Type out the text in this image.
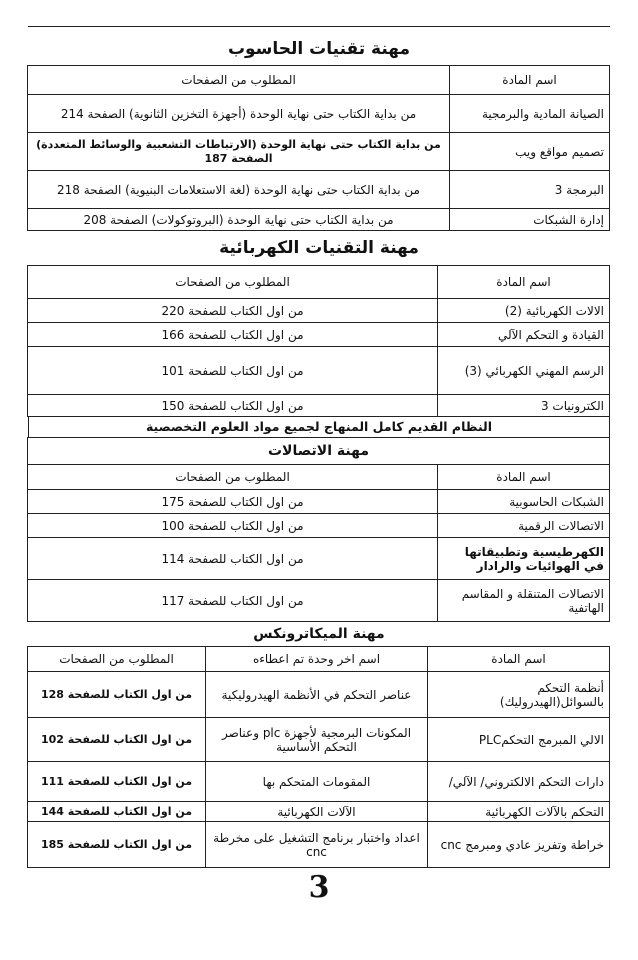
مهنة تقنيات الحاسوب
اسم المادة	المطلوب من الصفحات
الصيانة المادية والبرمجية	من بداية الكتاب حتى نهاية الوحدة (أجهزة التخزين الثانوية) الصفحة 214
تصميم مواقع ويب	من بداية الكتاب حتى نهاية الوحدة (الارتباطات التشعبية والوسائط المتعددة) الصفحة 187
البرمجة 3	من بداية الكتاب حتى نهاية الوحدة (لغة الاستعلامات البنيوية) الصفحة 218
إدارة الشبكات	من بداية الكتاب حتى نهاية الوحدة (البروتوكولات) الصفحة 208
مهنة التقنيات الكهربائية
اسم المادة	المطلوب من الصفحات
الالات الكهربائية (2)	من اول الكتاب للصفحة 220
القيادة و التحكم الآلي	من اول الكتاب للصفحة 166
الرسم المهني الكهربائي (3)	من اول الكتاب للصفحة 101
الكترونيات 3	من اول الكتاب للصفحة 150
النظام القديم كامل المنهاج لجميع مواد العلوم التخصصية
مهنة الاتصالات	
اسم المادة	المطلوب من الصفحات
الشبكات الحاسوبية	من اول الكتاب للصفحة 175
الاتصالات الرقمية	من اول الكتاب للصفحة 100
الكهرطيسية وتطبيقاتها في الهوائيات والرادار	من اول الكتاب للصفحة 114
الاتصالات المتنقلة و المقاسم الهاتفية	من اول الكتاب للصفحة 117
مهنة الميكاترونكس
اسم المادة	اسم اخر وحدة تم اعطاءه	المطلوب من الصفحات
أنظمة التحكم بالسوائل(الهيدروليك)	عناصر التحكم في الأنظمة الهيدروليكية	من اول الكتاب للصفحة 128
الالي المبرمج التحكمPLC	المكونات البرمجية لأجهزة plc وعناصر التحكم الأساسية	من اول الكتاب للصفحة 102
دارات التحكم الالكتروني/ الآلي/	المقومات المتحكم بها	من اول الكتاب للصفحة 111
التحكم بالآلات الكهربائية	الآلات الكهربائية	من اول الكتاب للصفحة 144
خراطة وتفريز عادي ومبرمج cnc	اعداد واختبار برنامج التشغيل على مخرطة cnc	من اول الكتاب للصفحة 185
3
